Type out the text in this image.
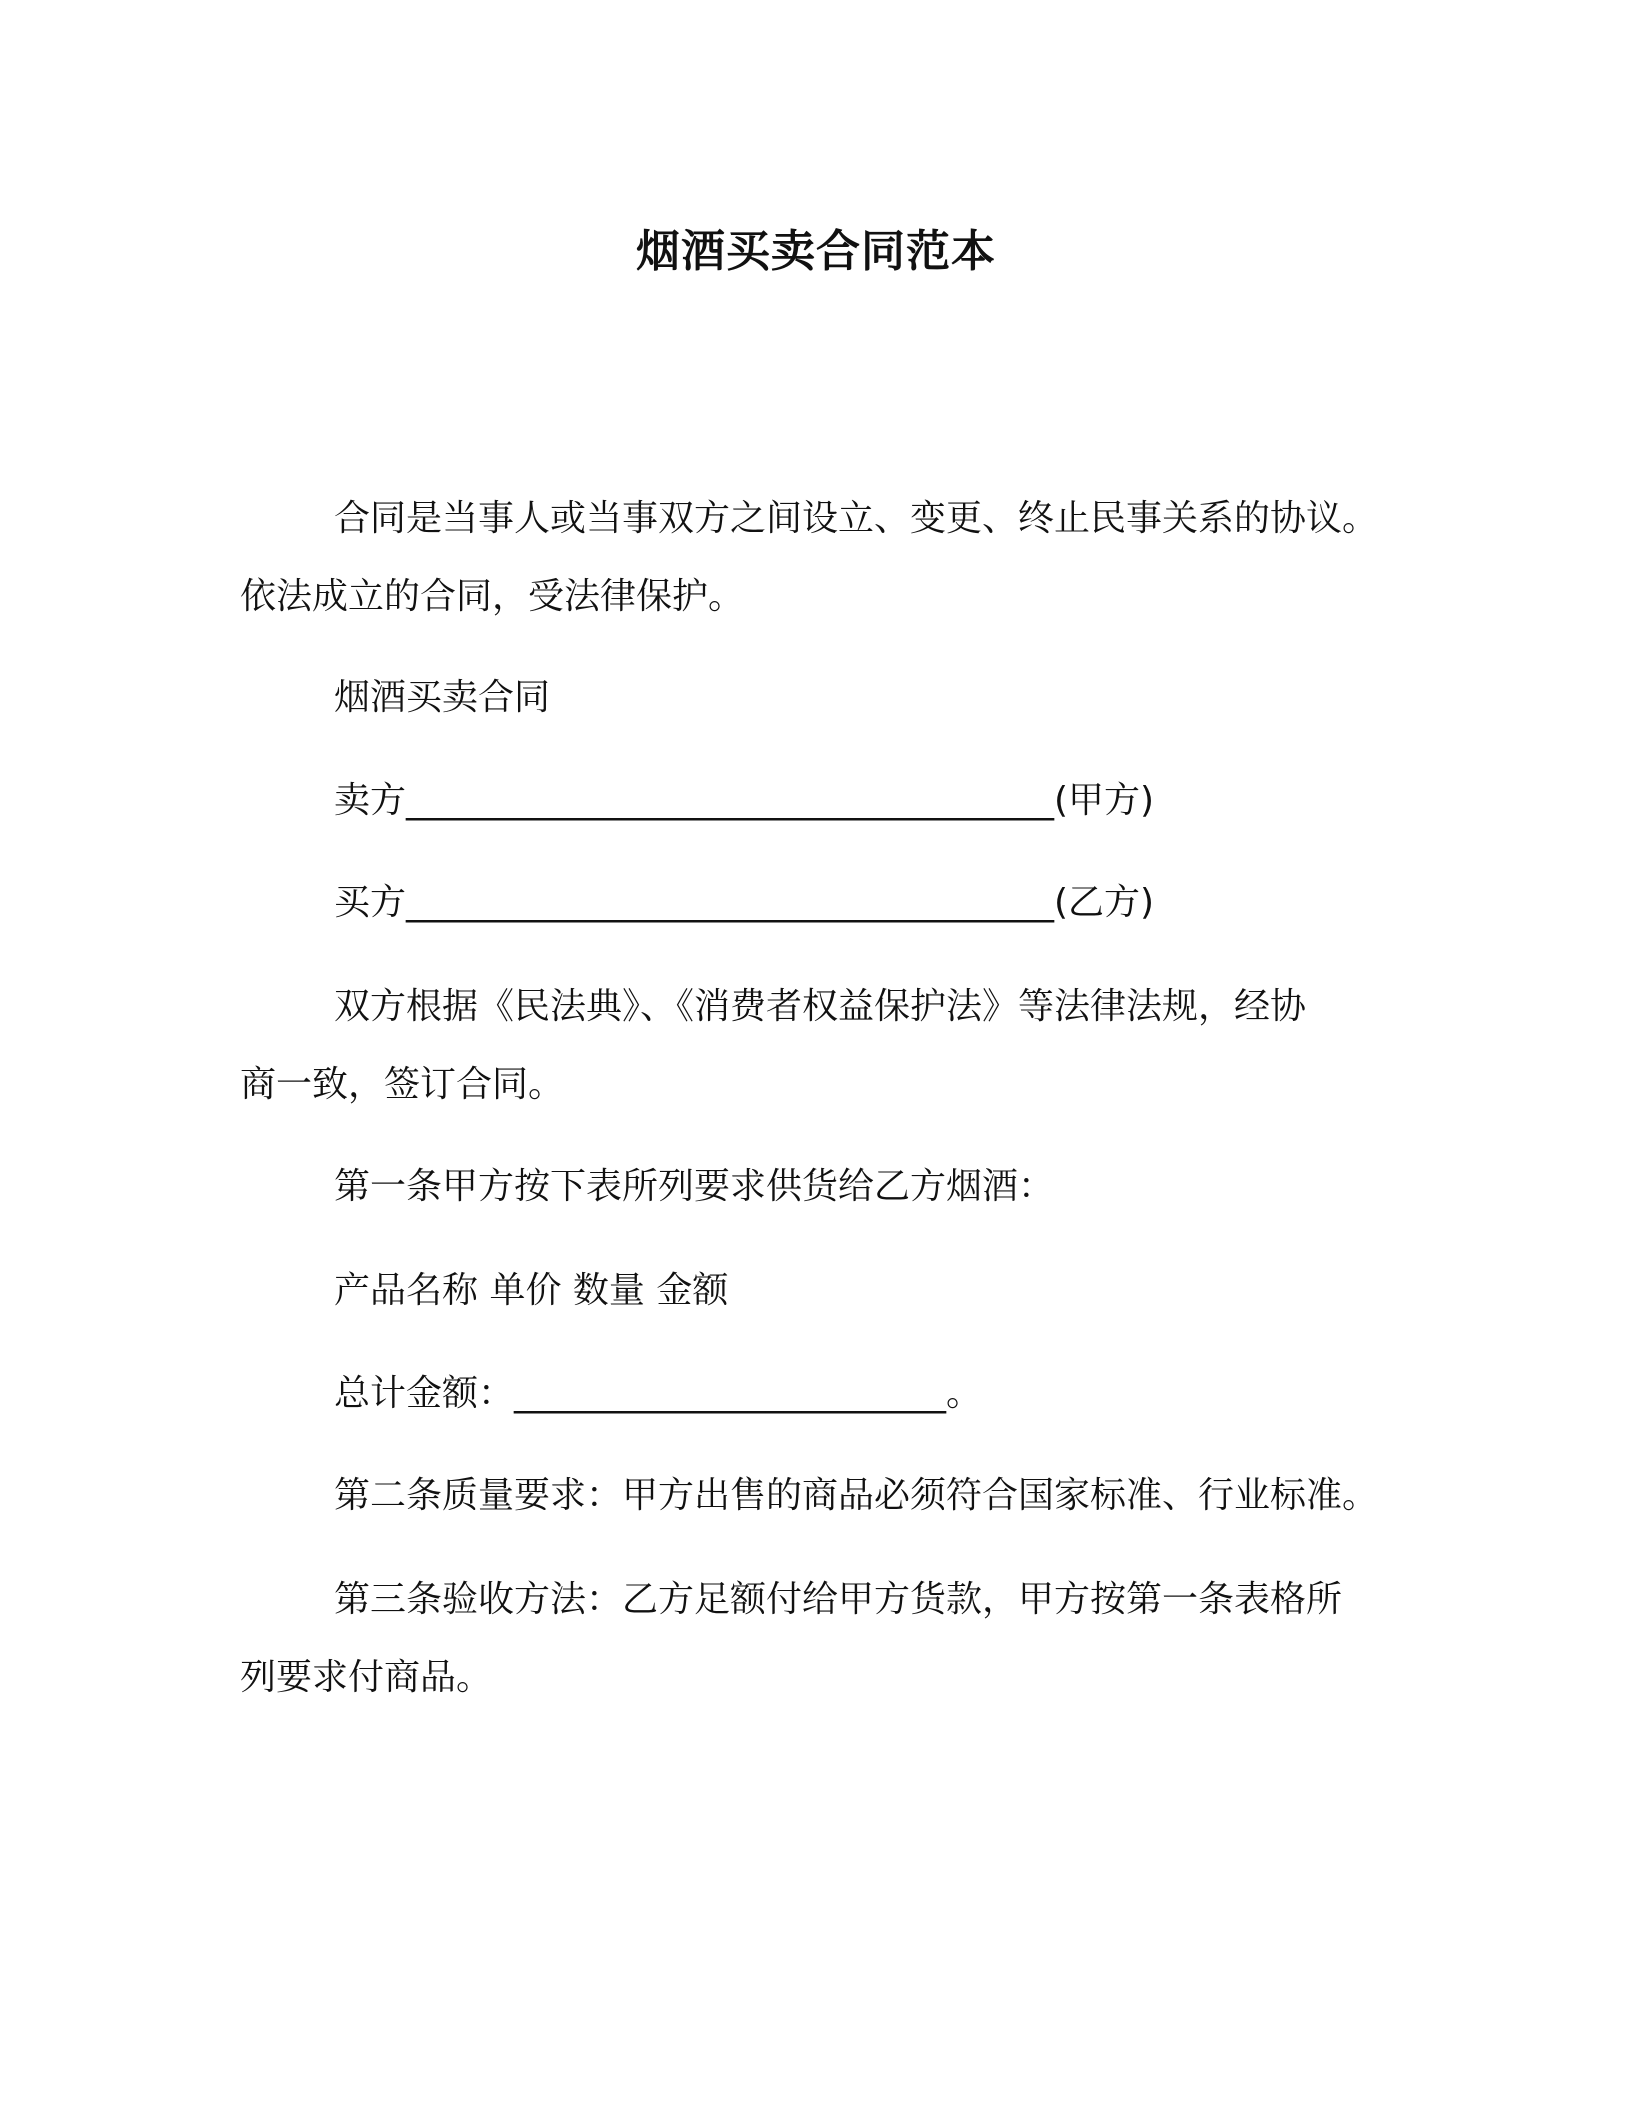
烟酒买卖合同范本
合同是当事人或当事双方之间设立、变更、终止民事关系的协议。
依法成立的合同，受法律保护。
烟酒买卖合同
卖方____________________________________(甲方)
买方____________________________________(乙方)
双方根据《民法典》、《消费者权益保护法》等法律法规，经协
商一致，签订合同。
第一条甲方按下表所列要求供货给乙方烟酒：
产品名称 单价 数量 金额
总计金额：________________________。
第二条质量要求：甲方出售的商品必须符合国家标准、行业标准。
第三条验收方法：乙方足额付给甲方货款，甲方按第一条表格所
列要求付商品。
